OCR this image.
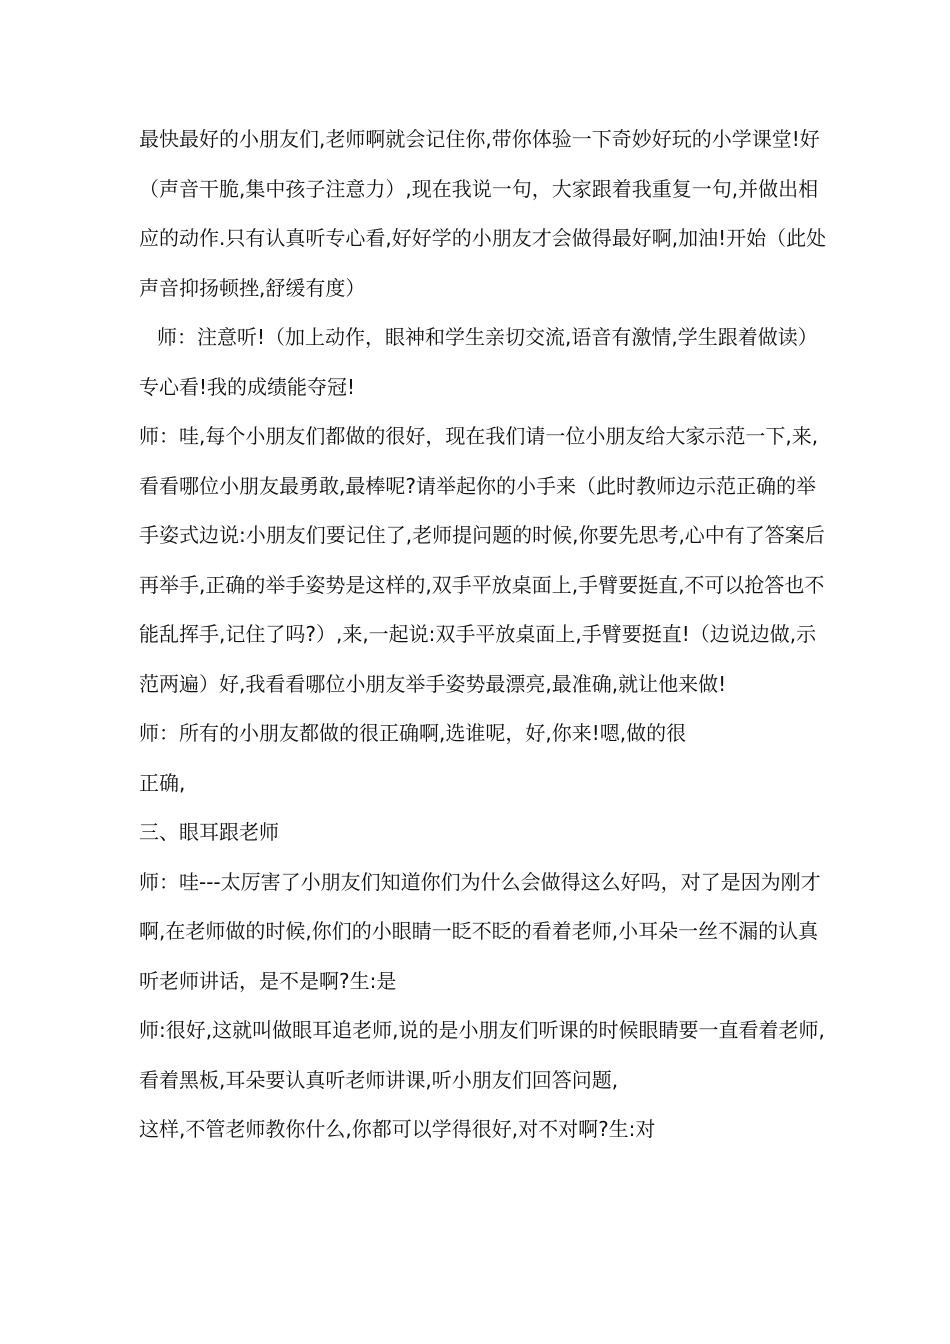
最快最好的小朋友们,老师啊就会记住你,带你体验一下奇妙好玩的小学课堂!好（声音干脆,集中孩子注意力）,现在我说一句，大家跟着我重复一句,并做出相应的动作.只有认真听专心看,好好学的小朋友才会做得最好啊,加油!开始（此处声音抑扬顿挫,舒缓有度）

师：注意听!（加上动作，眼神和学生亲切交流,语音有激情,学生跟着做读）专心看!我的成绩能夺冠!

师：哇,每个小朋友们都做的很好，现在我们请一位小朋友给大家示范一下,来,看看哪位小朋友最勇敢,最棒呢?请举起你的小手来（此时教师边示范正确的举手姿式边说:小朋友们要记住了,老师提问题的时候,你要先思考,心中有了答案后再举手,正确的举手姿势是这样的,双手平放桌面上,手臂要挺直,不可以抢答也不能乱挥手,记住了吗?）,来,一起说:双手平放桌面上,手臂要挺直!（边说边做,示范两遍）好,我看看哪位小朋友举手姿势最漂亮,最准确,就让他来做!

师：所有的小朋友都做的很正确啊,选谁呢，好,你来!嗯,做的很

正确,

三、眼耳跟老师

师：哇---太厉害了小朋友们知道你们为什么会做得这么好吗，对了是因为刚才啊,在老师做的时候,你们的小眼睛一眨不眨的看着老师,小耳朵一丝不漏的认真听老师讲话，是不是啊?生:是

师:很好,这就叫做眼耳追老师,说的是小朋友们听课的时候眼睛要一直看着老师,看着黑板,耳朵要认真听老师讲课,听小朋友们回答问题,

这样,不管老师教你什么,你都可以学得很好,对不对啊?生:对
